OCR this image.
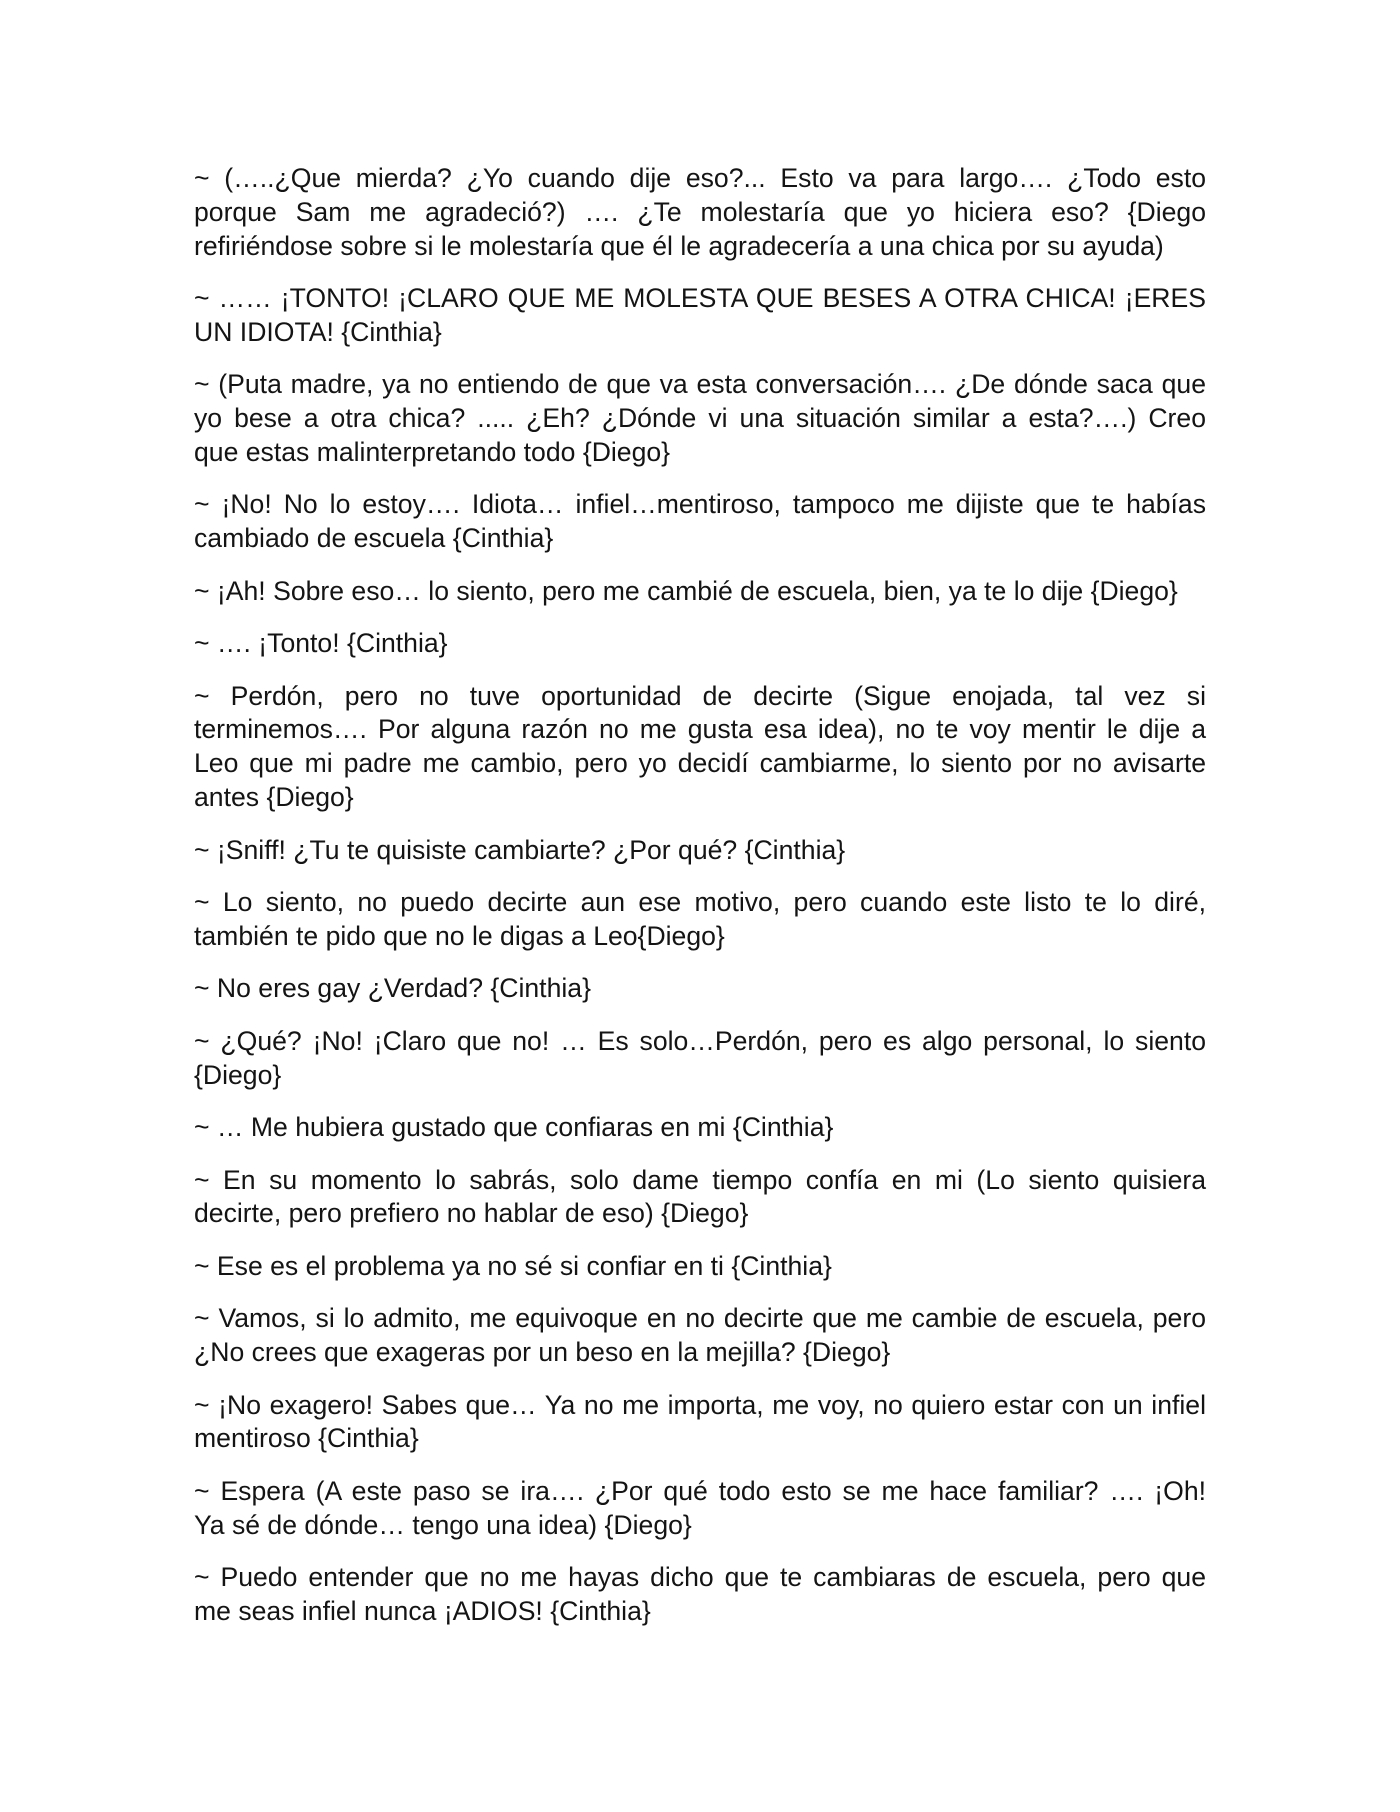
~ (…..¿Que mierda? ¿Yo cuando dije eso?... Esto va para largo…. ¿Todo esto
porque Sam me agradeció?) …. ¿Te molestaría que yo hiciera eso? {Diego
refiriéndose sobre si le molestaría que él le agradecería a una chica por su ayuda)
~ …… ¡TONTO! ¡CLARO QUE ME MOLESTA QUE BESES A OTRA CHICA! ¡ERES
UN IDIOTA! {Cinthia}
~ (Puta madre, ya no entiendo de que va esta conversación…. ¿De dónde saca que
yo bese a otra chica? ..... ¿Eh? ¿Dónde vi una situación similar a esta?….) Creo
que estas malinterpretando todo {Diego}
~ ¡No! No lo estoy…. Idiota… infiel…mentiroso, tampoco me dijiste que te habías
cambiado de escuela {Cinthia}
~ ¡Ah! Sobre eso… lo siento, pero me cambié de escuela, bien, ya te lo dije {Diego}
~ …. ¡Tonto! {Cinthia}
~ Perdón, pero no tuve oportunidad de decirte (Sigue enojada, tal vez si
terminemos…. Por alguna razón no me gusta esa idea), no te voy mentir le dije a
Leo que mi padre me cambio, pero yo decidí cambiarme, lo siento por no avisarte
antes {Diego}
~ ¡Sniff! ¿Tu te quisiste cambiarte? ¿Por qué? {Cinthia}
~ Lo siento, no puedo decirte aun ese motivo, pero cuando este listo te lo diré,
también te pido que no le digas a Leo{Diego}
~ No eres gay ¿Verdad? {Cinthia}
~ ¿Qué? ¡No! ¡Claro que no! … Es solo…Perdón, pero es algo personal, lo siento
{Diego}
~ … Me hubiera gustado que confiaras en mi {Cinthia}
~ En su momento lo sabrás, solo dame tiempo confía en mi (Lo siento quisiera
decirte, pero prefiero no hablar de eso) {Diego}
~ Ese es el problema ya no sé si confiar en ti {Cinthia}
~ Vamos, si lo admito, me equivoque en no decirte que me cambie de escuela, pero
¿No crees que exageras por un beso en la mejilla? {Diego}
~ ¡No exagero! Sabes que… Ya no me importa, me voy, no quiero estar con un infiel
mentiroso {Cinthia}
~ Espera (A este paso se ira…. ¿Por qué todo esto se me hace familiar? …. ¡Oh!
Ya sé de dónde… tengo una idea) {Diego}
~ Puedo entender que no me hayas dicho que te cambiaras de escuela, pero que
me seas infiel nunca ¡ADIOS! {Cinthia}
